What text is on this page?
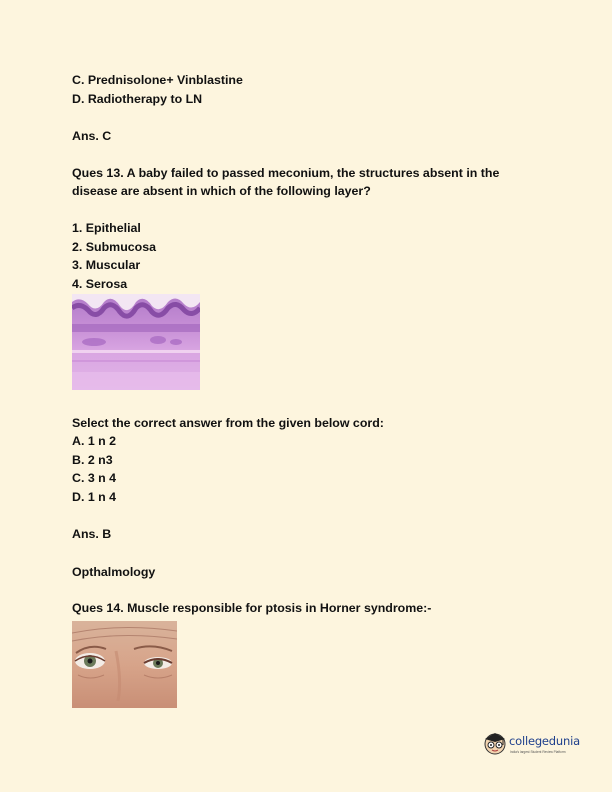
C. Prednisolone+ Vinblastine
D. Radiotherapy to LN
Ans. C
Ques 13. A baby failed to passed meconium, the structures absent in the
disease are absent in which of the following layer?
1. Epithelial
2. Submucosa
3. Muscular
4. Serosa
Select the correct answer from the given below cord:
A. 1 n 2
B. 2 n3
C. 3 n 4
D. 1 n 4
Ans. B
Opthalmology
Ques 14. Muscle responsible for ptosis in Horner syndrome:-
collegedunia
India's largest Student Review Platform
